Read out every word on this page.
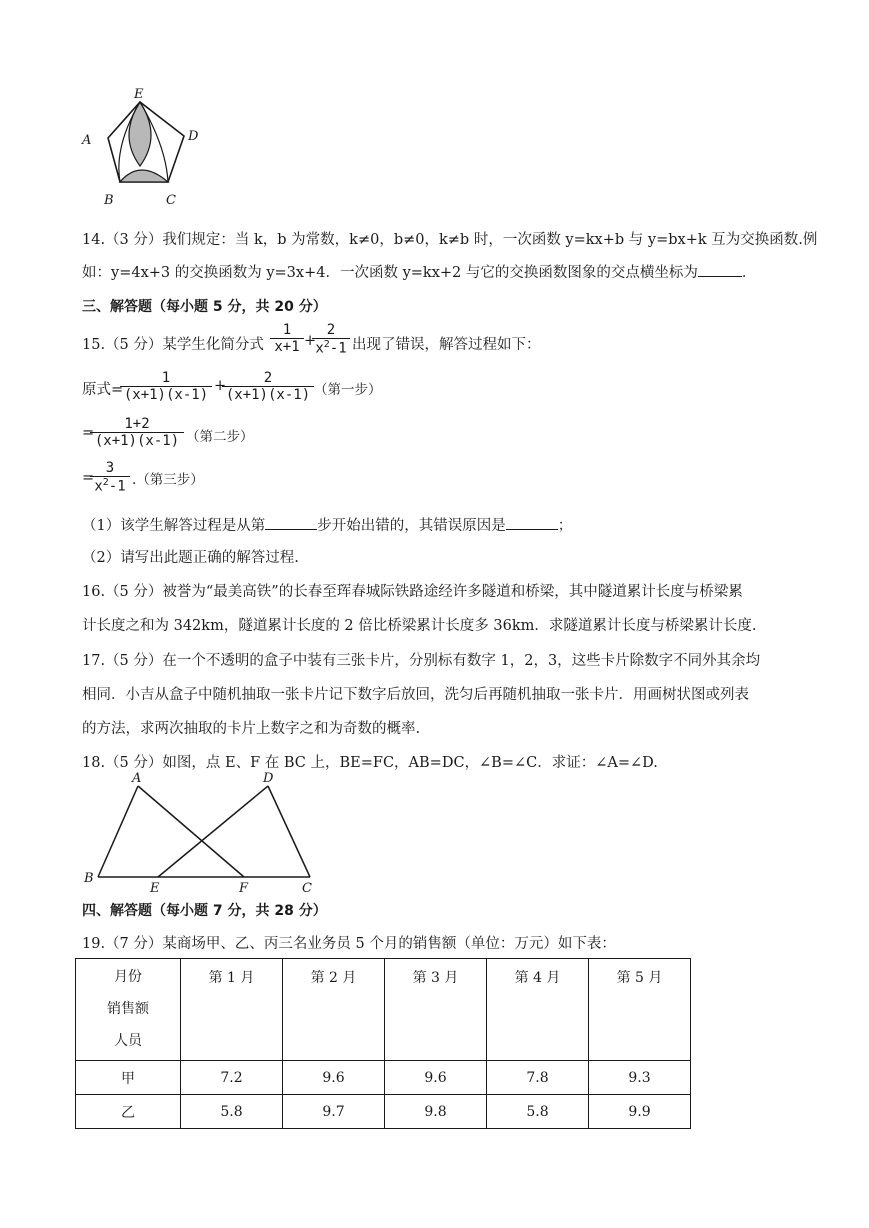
E
A	D
B	C
14.（3 分）我们规定：当 k，b 为常数，k≠0，b≠0，k≠b 时，一次函数 y=kx+b 与 y=bx+k 互为交换函数.例
如：y=4x+3 的交换函数为 y=3x+4．一次函数 y=kx+2 与它的交换函数图象的交点横坐标为	．
三、解答题（每小题 5 分，共 20 分）
15.（5 分）某学生化简分式
1
x+1 +
2
$x^2-1$ 出现了错误，解答过程如下：
原式=
1
(x+1)(x-1)
+	2
(x+1)(x-1) （第一步）
=
1+2
(x+1)(x-1) （第二步）
=
3
$x^2-1$ .（第三步）
（1）该学生解答过程是从第	步开始出错的，其错误原因是	；
（2）请写出此题正确的解答过程.
16.（5 分）被誉为“最美高铁”的长春至珲春城际铁路途经许多隧道和桥梁，其中隧道累计长度与桥梁累
计长度之和为 342km，隧道累计长度的 2 倍比桥梁累计长度多 36km．求隧道累计长度与桥梁累计长度.
17.（5 分）在一个不透明的盒子中装有三张卡片，分别标有数字 1，2，3，这些卡片除数字不同外其余均
相同．小吉从盒子中随机抽取一张卡片记下数字后放回，洗匀后再随机抽取一张卡片．用画树状图或列表
的方法，求两次抽取的卡片上数字之和为奇数的概率.
18.（5 分）如图，点 E、F 在 BC 上，BE=FC，AB=DC，∠B=∠C．求证：∠A=∠D.
A	D
B
E	F	C
四、解答题（每小题 7 分，共 28 分）
19.（7 分）某商场甲、乙、丙三名业务员 5 个月的销售额（单位：万元）如下表：
月份
销售额
人员	第 1 月	第 2 月	第 3 月	第 4 月	第 5 月
甲	7.2	9.6	9.6	7.8	9.3
乙	5.8	9.7	9.8	5.8	9.9
